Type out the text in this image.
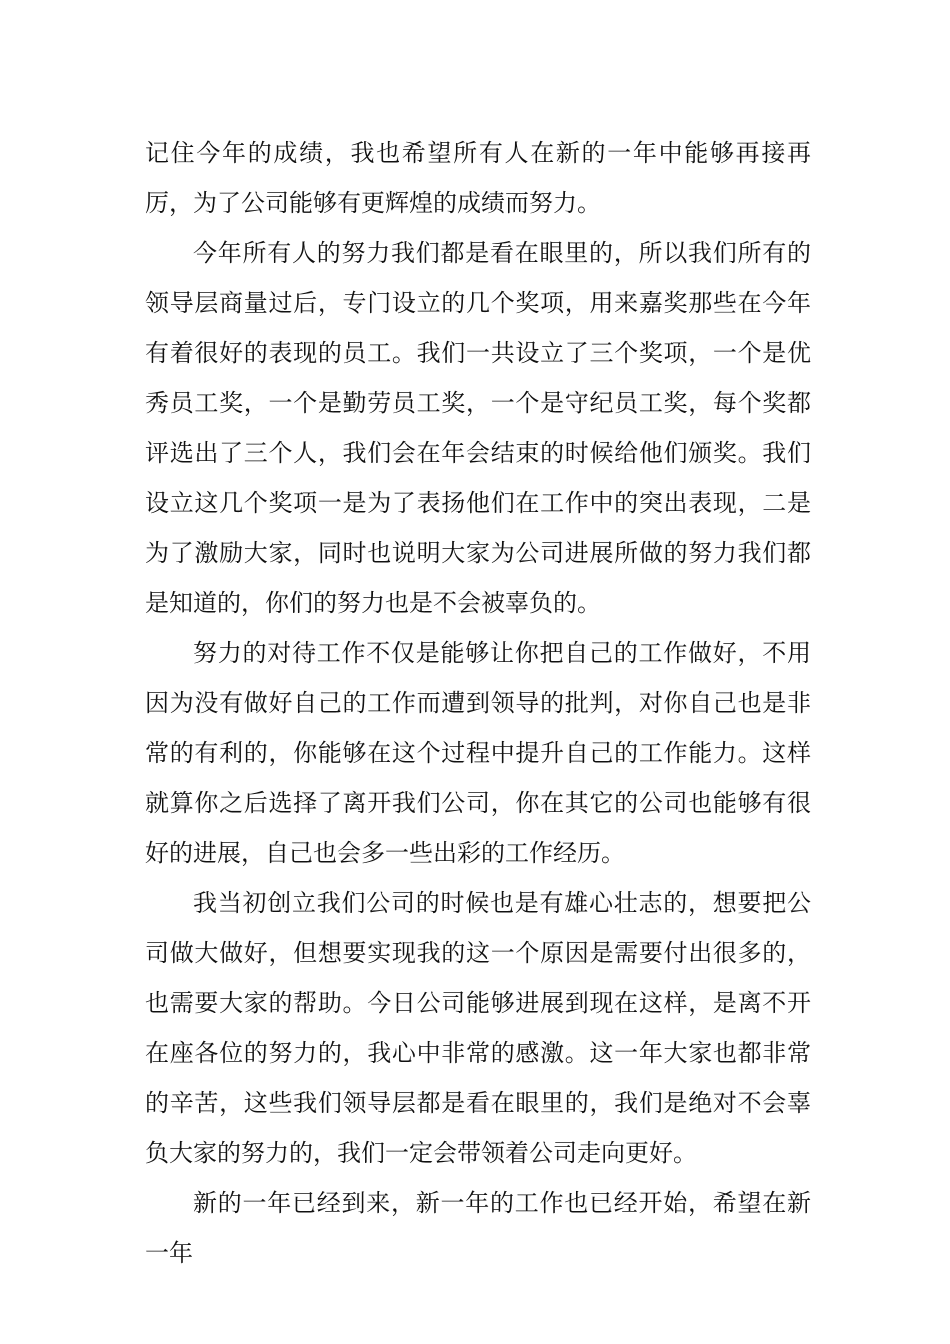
记住今年的成绩，我也希望所有人在新的一年中能够再接再厉，为了公司能够有更辉煌的成绩而努力。

今年所有人的努力我们都是看在眼里的，所以我们所有的领导层商量过后，专门设立的几个奖项，用来嘉奖那些在今年有着很好的表现的员工。我们一共设立了三个奖项，一个是优秀员工奖，一个是勤劳员工奖，一个是守纪员工奖，每个奖都评选出了三个人，我们会在年会结束的时候给他们颁奖。我们设立这几个奖项一是为了表扬他们在工作中的突出表现，二是为了激励大家，同时也说明大家为公司进展所做的努力我们都是知道的，你们的努力也是不会被辜负的。

努力的对待工作不仅是能够让你把自己的工作做好，不用因为没有做好自己的工作而遭到领导的批判，对你自己也是非常的有利的，你能够在这个过程中提升自己的工作能力。这样就算你之后选择了离开我们公司，你在其它的公司也能够有很好的进展，自己也会多一些出彩的工作经历。

我当初创立我们公司的时候也是有雄心壮志的，想要把公司做大做好，但想要实现我的这一个原因是需要付出很多的，也需要大家的帮助。今日公司能够进展到现在这样，是离不开在座各位的努力的，我心中非常的感激。这一年大家也都非常的辛苦，这些我们领导层都是看在眼里的，我们是绝对不会辜负大家的努力的，我们一定会带领着公司走向更好。

新的一年已经到来，新一年的工作也已经开始，希望在新一年
